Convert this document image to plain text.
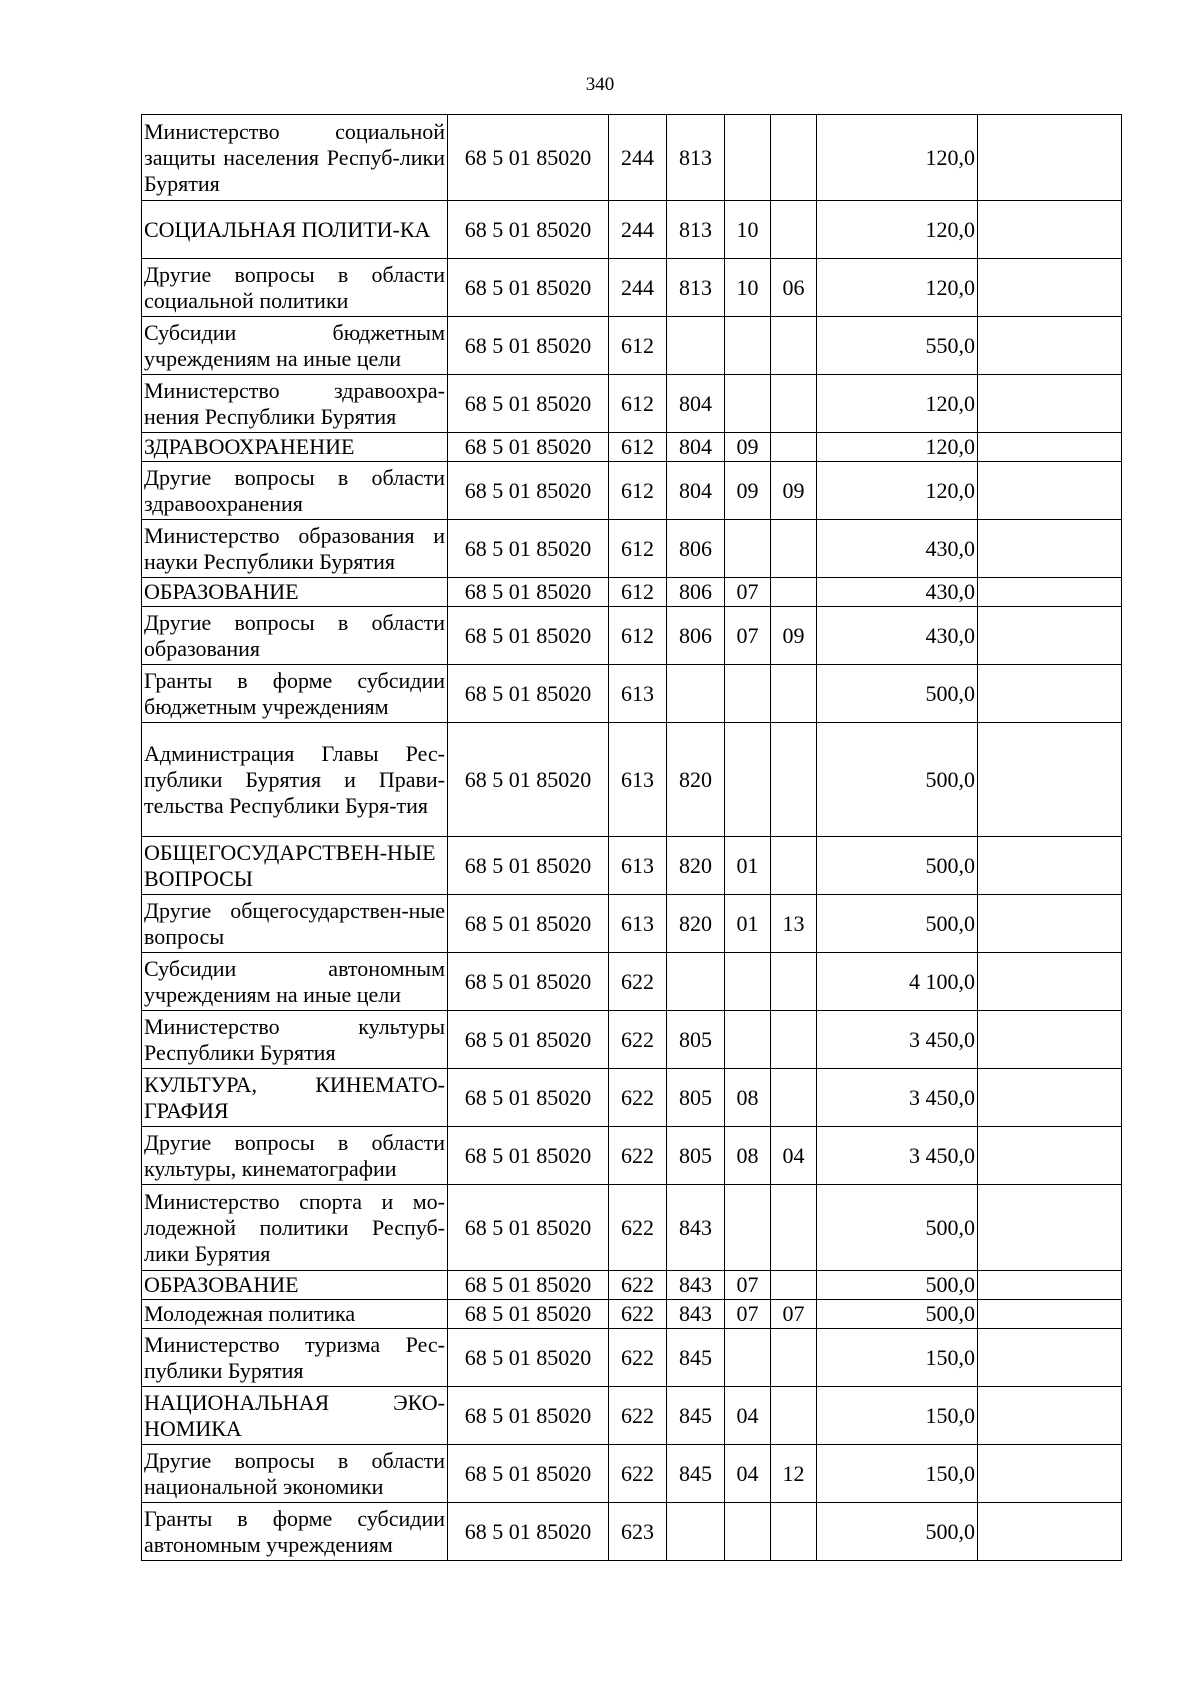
340
Министерство социальной защиты населения Респуб-лики Бурятия	68 5 01 85020	244	813			120,0	
СОЦИАЛЬНАЯ ПОЛИТИ-КА	68 5 01 85020	244	813	10		120,0	
Другие вопросы в области социальной политики	68 5 01 85020	244	813	10	06	120,0	
Субсидии бюджетным учреждениям на иные цели	68 5 01 85020	612				550,0	
Министерство здравоохра-нения Республики Бурятия	68 5 01 85020	612	804			120,0	
ЗДРАВООХРАНЕНИЕ	68 5 01 85020	612	804	09		120,0	
Другие вопросы в области здравоохранения	68 5 01 85020	612	804	09	09	120,0	
Министерство образования и науки Республики Бурятия	68 5 01 85020	612	806			430,0	
ОБРАЗОВАНИЕ	68 5 01 85020	612	806	07		430,0	
Другие вопросы в области образования	68 5 01 85020	612	806	07	09	430,0	
Гранты в форме субсидии бюджетным учреждениям	68 5 01 85020	613				500,0	
Администрация Главы Рес-публики Бурятия и Прави-тельства Республики Буря-тия	68 5 01 85020	613	820			500,0	
ОБЩЕГОСУДАРСТВЕН-НЫЕ ВОПРОСЫ	68 5 01 85020	613	820	01		500,0	
Другие общегосударствен-ные вопросы	68 5 01 85020	613	820	01	13	500,0	
Субсидии автономным учреждениям на иные цели	68 5 01 85020	622				4 100,0	
Министерство культуры Республики Бурятия	68 5 01 85020	622	805			3 450,0	
КУЛЬТУРА, КИНЕМАТО-ГРАФИЯ	68 5 01 85020	622	805	08		3 450,0	
Другие вопросы в области культуры, кинематографии	68 5 01 85020	622	805	08	04	3 450,0	
Министерство спорта и мо-лодежной политики Респуб-лики Бурятия	68 5 01 85020	622	843			500,0	
ОБРАЗОВАНИЕ	68 5 01 85020	622	843	07		500,0	
Молодежная политика	68 5 01 85020	622	843	07	07	500,0	
Министерство туризма Рес-публики Бурятия	68 5 01 85020	622	845			150,0	
НАЦИОНАЛЬНАЯ ЭКО-НОМИКА	68 5 01 85020	622	845	04		150,0	
Другие вопросы в области национальной экономики	68 5 01 85020	622	845	04	12	150,0	
Гранты в форме субсидии автономным учреждениям	68 5 01 85020	623				500,0	
